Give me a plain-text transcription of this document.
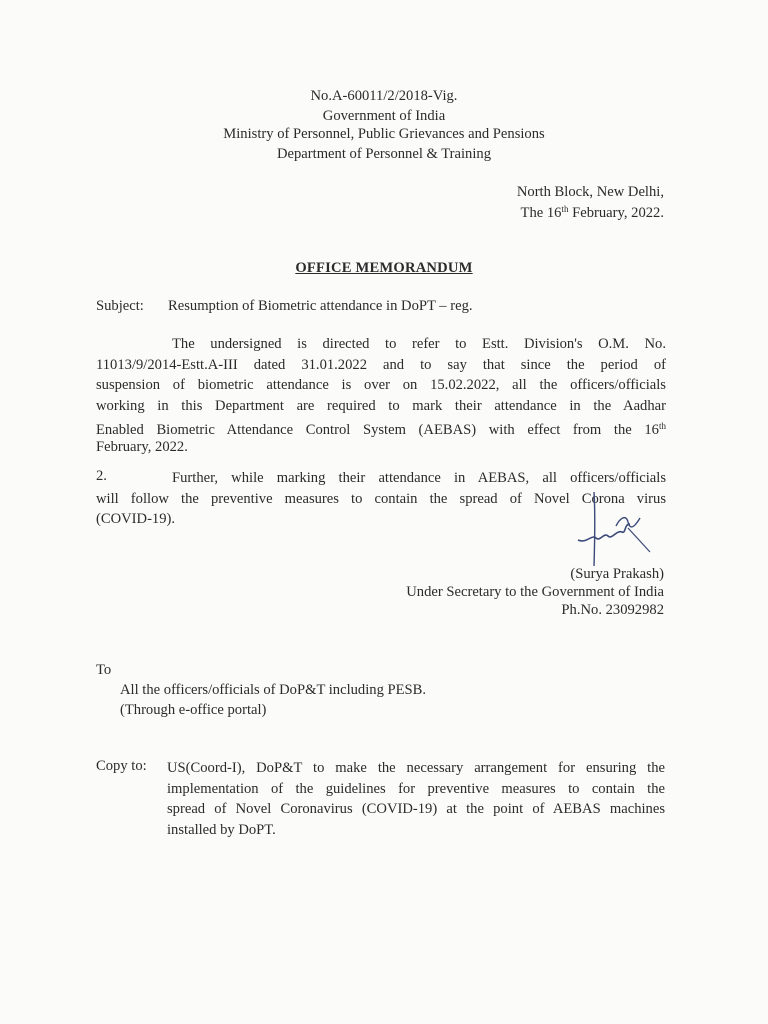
No.A-60011/2/2018-Vig.
Government of India
Ministry of Personnel, Public Grievances and Pensions
Department of Personnel & Training
North Block, New Delhi,
The 16th February, 2022.
OFFICE MEMORANDUM
Subject: Resumption of Biometric attendance in DoPT – reg.
The undersigned is directed to refer to Estt. Division's O.M. No.
11013/9/2014-Estt.A-III dated 31.01.2022 and to say that since the period of
suspension of biometric attendance is over on 15.02.2022, all the officers/officials
working in this Department are required to mark their attendance in the Aadhar
Enabled Biometric Attendance Control System (AEBAS) with effect from the 16th
February, 2022.
2.	Further, while marking their attendance in AEBAS, all officers/officials
will follow the preventive measures to contain the spread of Novel Corona virus
(COVID-19).
(Surya Prakash)
Under Secretary to the Government of India
Ph.No. 23092982
To
All the officers/officials of DoP&T including PESB.
(Through e-office portal)
Copy to: US(Coord-I), DoP&T to make the necessary arrangement for ensuring the
implementation of the guidelines for preventive measures to contain the
spread of Novel Coronavirus (COVID-19) at the point of AEBAS machines
installed by DoPT.
